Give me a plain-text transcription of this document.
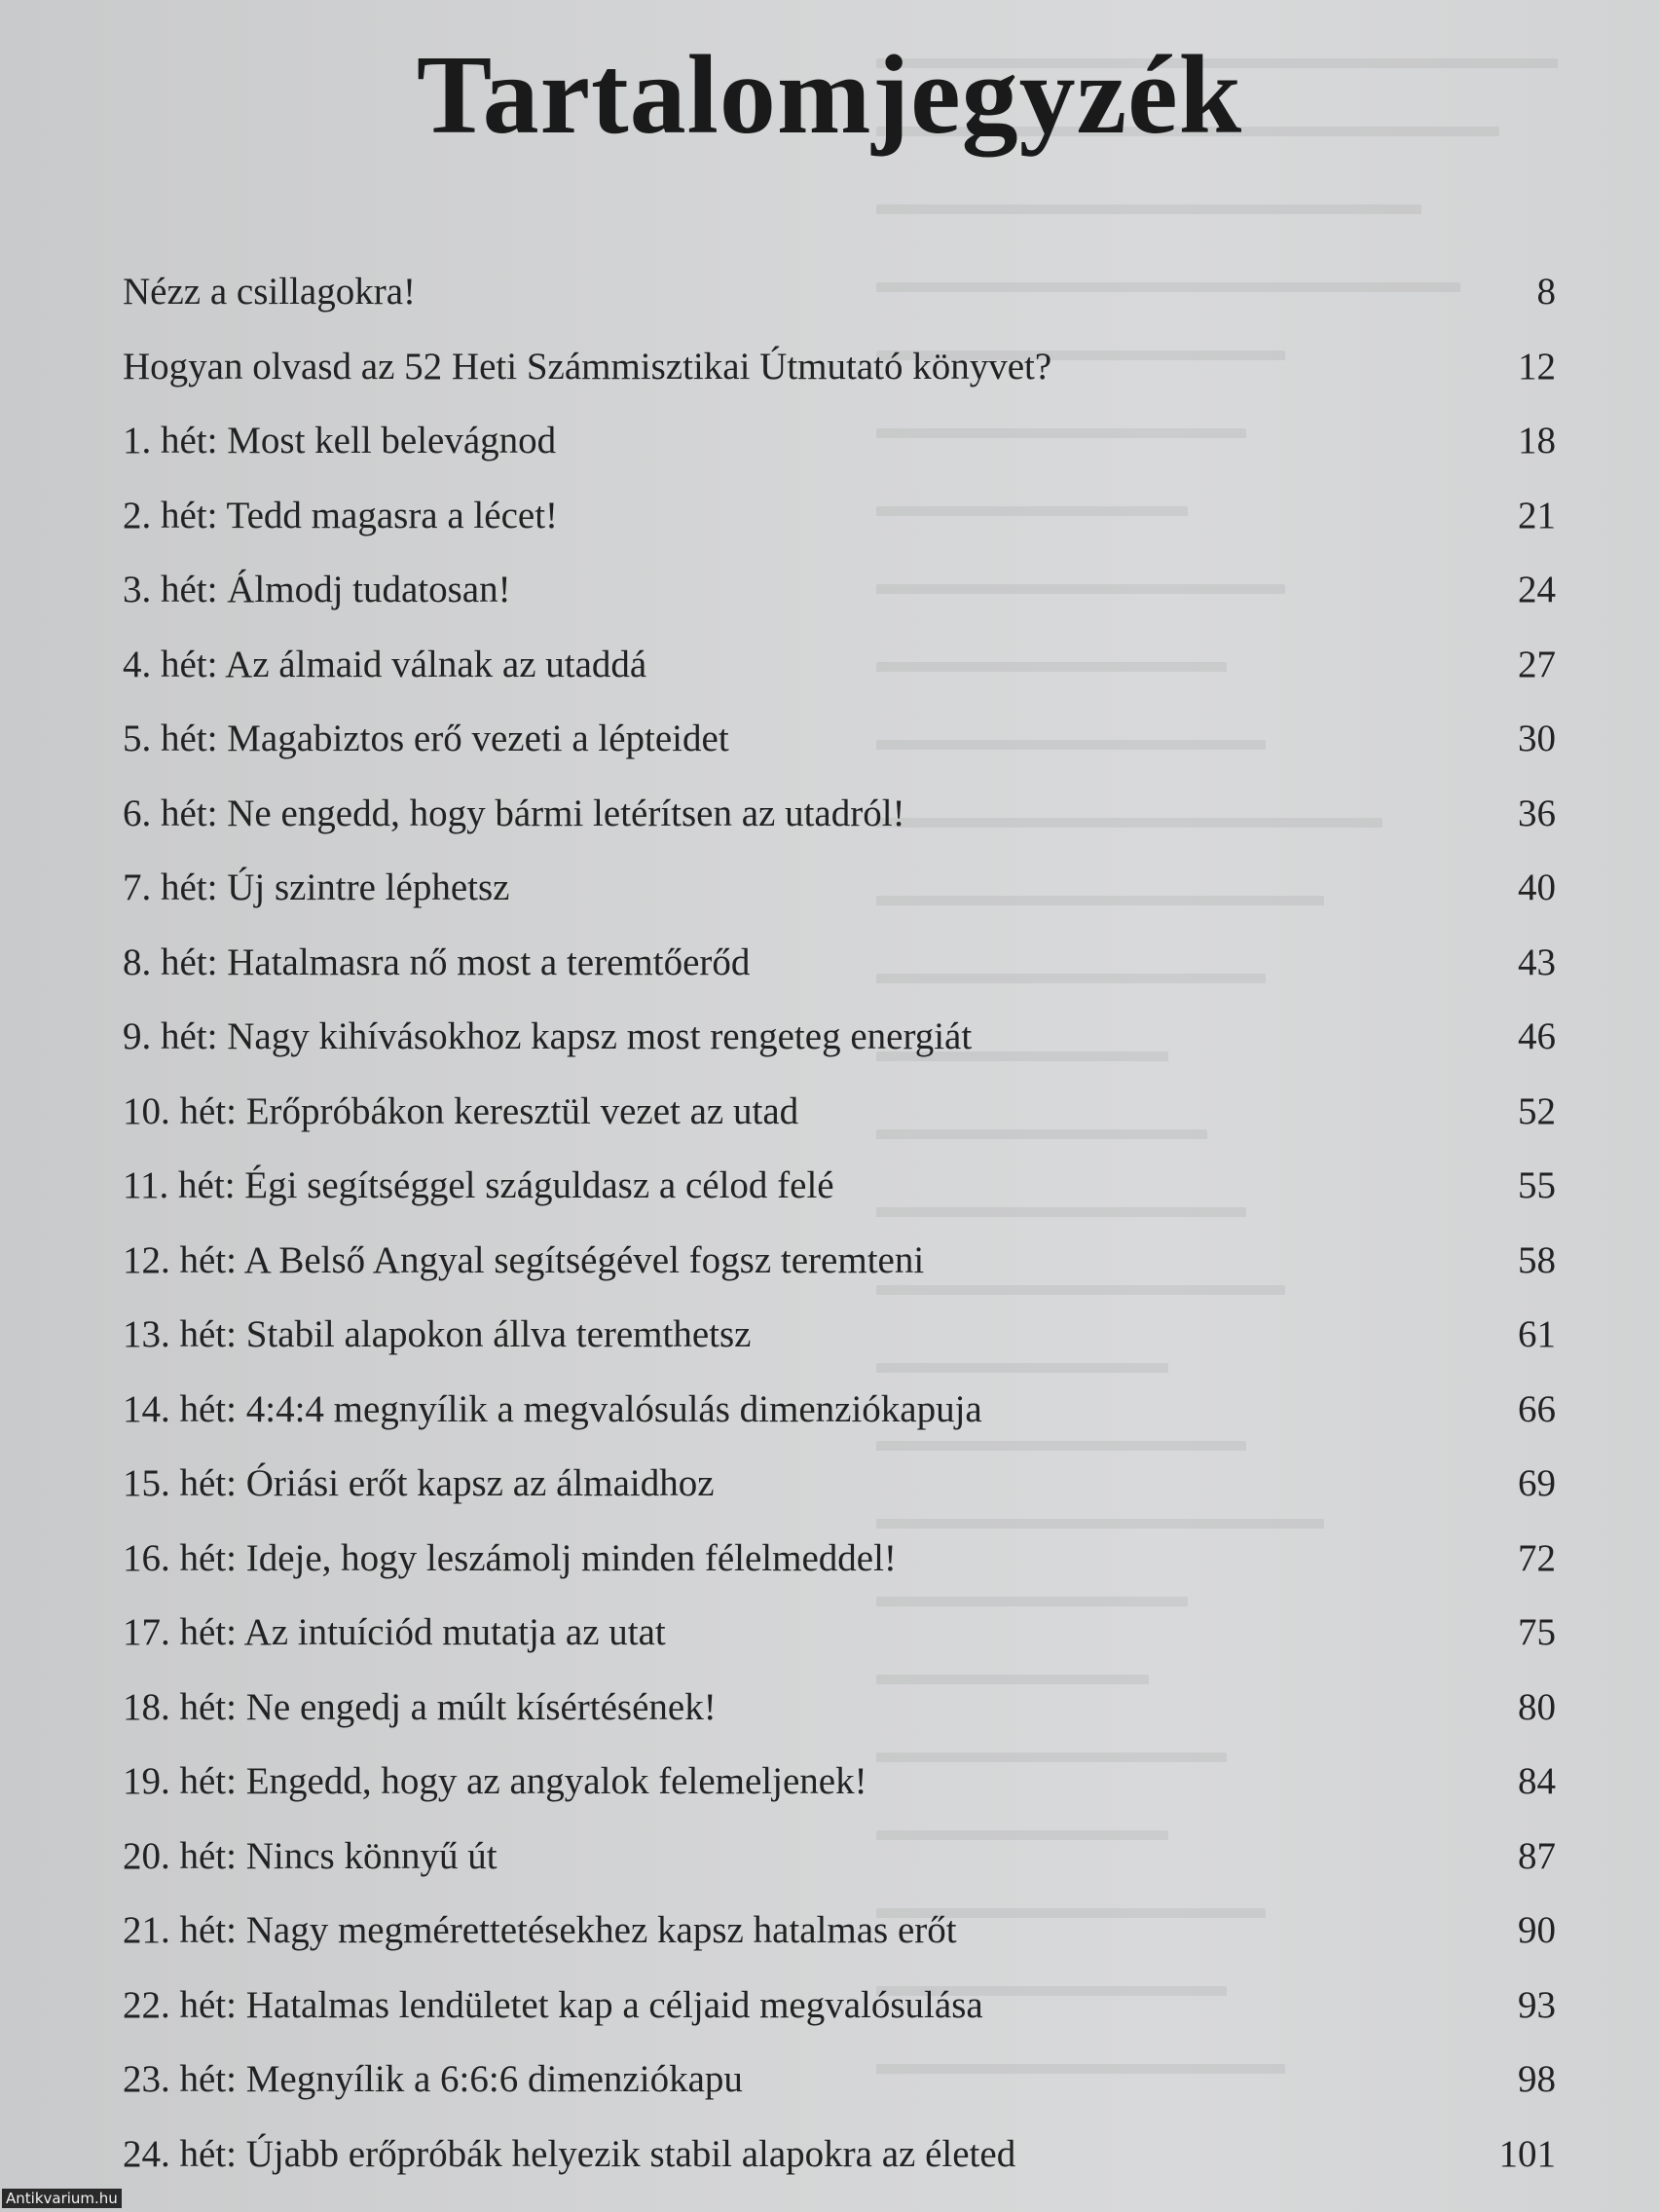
Tartalomjegyzék
Nézz a csillagokra!	8
Hogyan olvasd az 52 Heti Számmisztikai Útmutató könyvet?	12
1. hét: Most kell belevágnod	18
2. hét: Tedd magasra a lécet!	21
3. hét: Álmodj tudatosan!	24
4. hét: Az álmaid válnak az utaddá	27
5. hét: Magabiztos erő vezeti a lépteidet	30
6. hét: Ne engedd, hogy bármi letérítsen az utadról!	36
7. hét: Új szintre léphetsz	40
8. hét: Hatalmasra nő most a teremtőerőd	43
9. hét: Nagy kihívásokhoz kapsz most rengeteg energiát	46
10. hét: Erőpróbákon keresztül vezet az utad	52
11. hét: Égi segítséggel száguldasz a célod felé	55
12. hét: A Belső Angyal segítségével fogsz teremteni	58
13. hét: Stabil alapokon állva teremthetsz	61
14. hét: 4:4:4 megnyílik a megvalósulás dimenziókapuja	66
15. hét: Óriási erőt kapsz az álmaidhoz	69
16. hét: Ideje, hogy leszámolj minden félelmeddel!	72
17. hét: Az intuíciód mutatja az utat	75
18. hét: Ne engedj a múlt kísértésének!	80
19. hét: Engedd, hogy az angyalok felemeljenek!	84
20. hét: Nincs könnyű út	87
21. hét: Nagy megmérettetésekhez kapsz hatalmas erőt	90
22. hét: Hatalmas lendületet kap a céljaid megvalósulása	93
23. hét: Megnyílik a 6:6:6 dimenziókapu	98
24. hét: Újabb erőpróbák helyezik stabil alapokra az életed	101
Antikvarium.hu
